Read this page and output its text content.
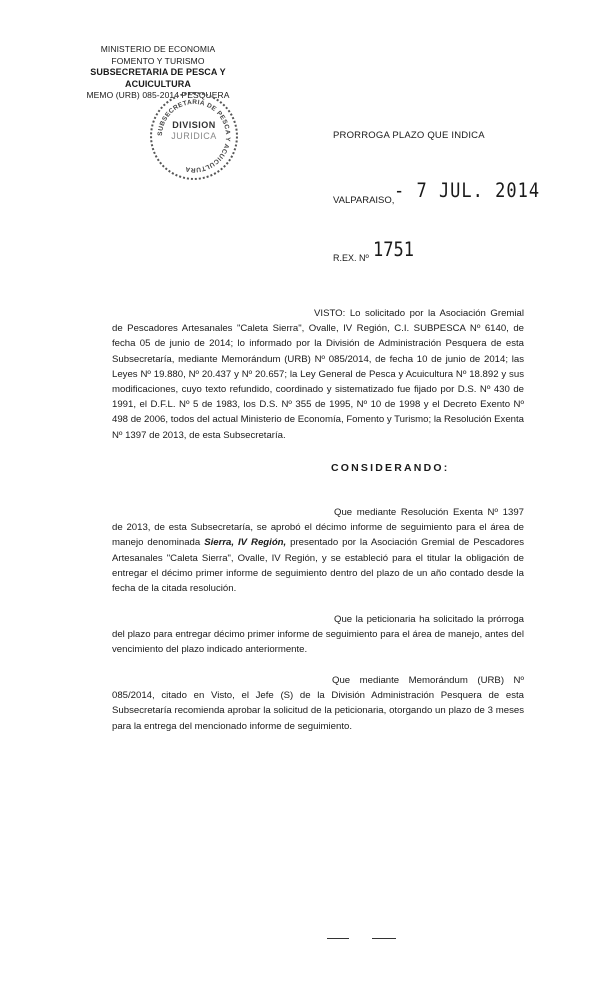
MINISTERIO DE ECONOMIA
FOMENTO Y TURISMO
SUBSECRETARIA DE PESCA Y ACUICULTURA
MEMO (URB) 085-2014 PESQUERA
SUBSECRETARIA DE PESCA Y ACUICULTURA
DIVISION
JURIDICA	PRORROGA PLAZO QUE INDICA
VALPARAISO, - 7 JUL. 2014
R.EX. Nº 1751
VISTO: Lo solicitado por la Asociación Gremial de Pescadores Artesanales "Caleta Sierra", Ovalle, IV Región, C.I. SUBPESCA Nº 6140, de fecha 05 de junio de 2014; lo informado por la División de Administración Pesquera de esta Subsecretaría, mediante Memorándum (URB) Nº 085/2014, de fecha 10 de junio de 2014; las Leyes Nº 19.880, Nº 20.437 y Nº 20.657; la Ley General de Pesca y Acuicultura Nº 18.892 y sus modificaciones, cuyo texto refundido, coordinado y sistematizado fue fijado por D.S. Nº 430 de 1991, el D.F.L. Nº 5 de 1983, los D.S. Nº 355 de 1995, Nº 10 de 1998 y el Decreto Exento Nº 498 de 2006, todos del actual Ministerio de Economía, Fomento y Turismo; la Resolución Exenta Nº 1397 de 2013, de esta Subsecretaría.
CONSIDERANDO:
Que mediante Resolución Exenta Nº 1397 de 2013, de esta Subsecretaría, se aprobó el décimo informe de seguimiento para el área de manejo denominada Sierra, IV Región, presentado por la Asociación Gremial de Pescadores Artesanales "Caleta Sierra", Ovalle, IV Región, y se estableció para el titular la obligación de entregar el décimo primer informe de seguimiento dentro del plazo de un año contado desde la fecha de la citada resolución.
Que la peticionaria ha solicitado la prórroga del plazo para entregar décimo primer informe de seguimiento para el área de manejo, antes del vencimiento del plazo indicado anteriormente.
Que mediante Memorándum (URB) Nº 085/2014, citado en Visto, el Jefe (S) de la División Administración Pesquera de esta Subsecretaría recomienda aprobar la solicitud de la peticionaria, otorgando un plazo de 3 meses para la entrega del mencionado informe de seguimiento.
